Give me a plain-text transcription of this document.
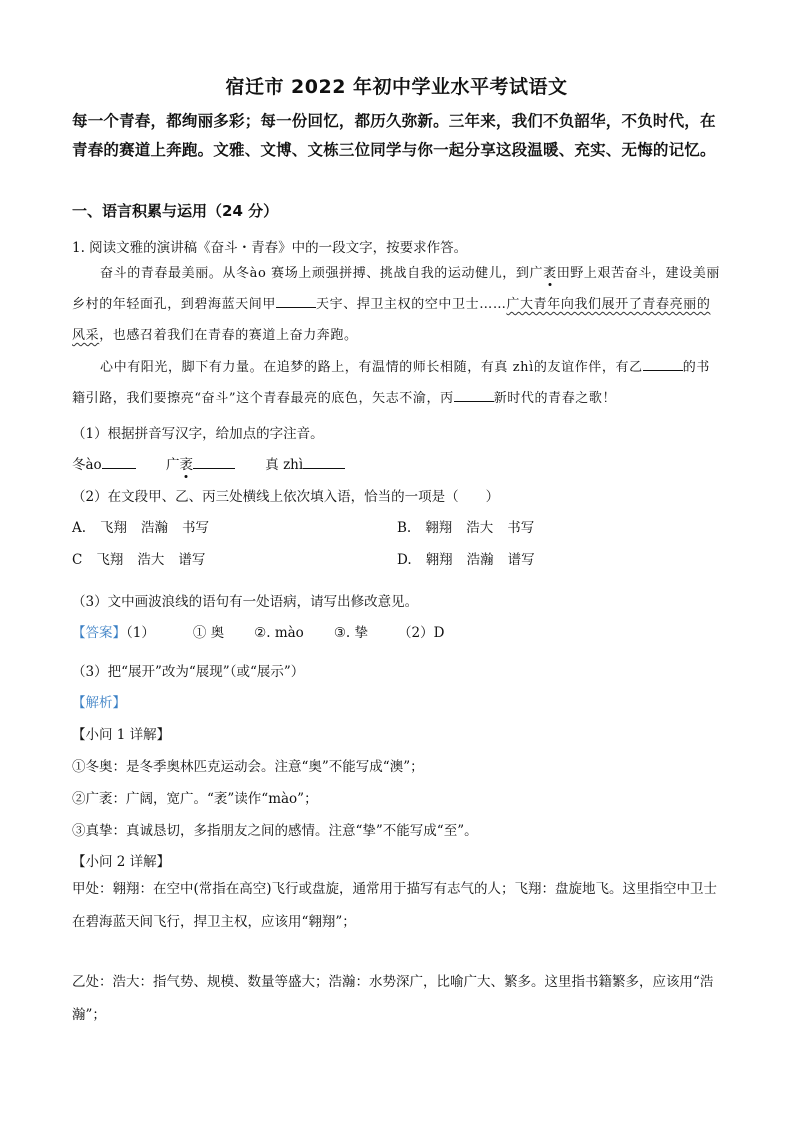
宿迁市 2022 年初中学业水平考试语文
每一个青春，都绚丽多彩；每一份回忆，都历久弥新。三年来，我们不负韶华，不负时代，在青春的赛道上奔跑。文雅、文博、文栋三位同学与你一起分享这段温暖、充实、无悔的记忆。
一、语言积累与运用（24 分）
1. 阅读文雅的演讲稿《奋斗・青春》中的一段文字，按要求作答。
奋斗的青春最美丽。从冬ào 赛场上顽强拼搏、挑战自我的运动健儿，到广袤田野上艰苦奋斗，建设美丽乡村的年轻面孔，到碧海蓝天间甲	天宇、捍卫主权的空中卫士……广大青年向我们展开了青春亮丽的风采，也感召着我们在青春的赛道上奋力奔跑。
心中有阳光，脚下有力量。在追梦的路上，有温情的师长相随，有真 zhì的友谊作伴，有乙	的书籍引路，我们要擦亮“奋斗”这个青春最亮的底色，矢志不渝，丙	新时代的青春之歌！
（1）根据拼音写汉字，给加点的字注音。
冬ào	广袤	真 zhì
（2）在文段甲、乙、丙三处横线上依次填入语，恰当的一项是（　　）
A. 飞翔 浩瀚 书写	B. 翱翔 浩大 书写
C 飞翔 浩大 谱写	D. 翱翔 浩瀚 谱写
（3）文中画波浪线的语句有一处语病，请写出修改意见。
【答案】（1）	① 奥 ②. mào ③. 挚 （2）D
（3）把“展开”改为“展现”（或“展示”）
【解析】
【小问 1 详解】
①冬奥：是冬季奥林匹克运动会。注意“奥”不能写成“澳”；
②广袤：广阔，宽广。“袤”读作“mào”；
③真挚：真诚恳切，多指朋友之间的感情。注意“挚”不能写成“至”。
【小问 2 详解】
甲处：翱翔：在空中(常指在高空)飞行或盘旋，通常用于描写有志气的人；飞翔：盘旋地飞。这里指空中卫士在碧海蓝天间飞行，捍卫主权，应该用“翱翔”；
乙处：浩大：指气势、规模、数量等盛大；浩瀚：水势深广，比喻广大、繁多。这里指书籍繁多，应该用“浩瀚”；
